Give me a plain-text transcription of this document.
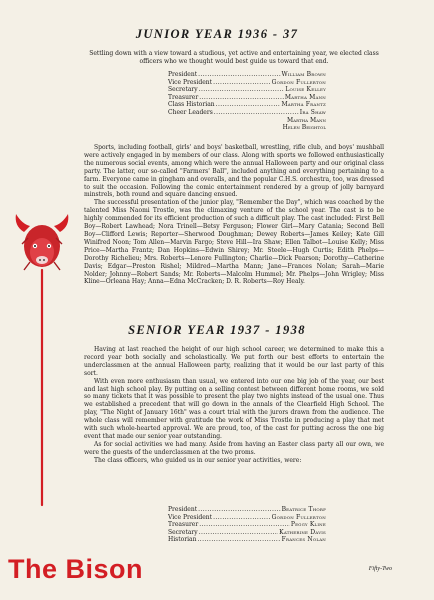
JUNIOR YEAR 1936 - 37

Settling down with a view toward a studious, yet active and entertaining year, we elected class officers who we thought would best guide us toward that end.

President .....	William Brown
Vice President .....	Gordon Fullerton
Secretary .....	Louise Kelley
Treasurer .....	Martha Mann
Class Historian .....	Martha Frantz
Cheer Leaders .....	Ira Shaw
Martha Mann
Helen Beightol

Sports, including football, girls' and boys' basketball, wrestling, rifle club, and boys' mushball were actively engaged in by members of our class. Along with sports we followed enthusiastically the numerous social events, among which were the annual Halloween party and our original class party. The latter, our so-called "Farmers' Ball", included anything and everything pertaining to a farm. Everyone came in gingham and overalls, and the popular C.H.S. orchestra, too, was dressed to suit the occasion. Following the comic entertainment rendered by a group of jolly barnyard minstrels, both round and square dancing ensued.

The successful presentation of the junior play, "Remember the Day", which was coached by the talented Miss Naomi Trostle, was the climaxing venture of the school year. The cast is to be highly commended for its efficient production of such a difficult play. The cast included: First Bell Boy—Robert Lawhead; Nora Trinell—Betsy Ferguson; Flower Girl—Mary Catania; Second Bell Boy—Clifford Lewis; Reporter—Sherwood Doughman; Dewey Roberts—James Keiley; Kate Gill Winifred Noon; Tom Allen—Marvin Fargo; Steve Hill—Ira Shaw; Ellen Talbot—Louise Kelly; Miss Price—Martha Frantz; Dan Hopkins—Edwin Shirey; Mr. Steele—Hugh Curtis; Edith Phelps—Dorothy Richelieu; Mrs. Roberts—Lenore Fullington; Charlie—Dick Pearson; Dorothy—Catherine Davis; Edgar—Preston Rishel; Mildred—Martha Mann; Jane—Frances Nolan; Sarah—Marie Nolder; Johnny—Robert Sands; Mr. Roberts—Malcolm Hummel; Mr. Phelps—John Wrigley; Miss Kline—Orleana Hay; Anna—Edna McCracken; D. R. Roberts—Roy Healy.

SENIOR YEAR 1937 - 1938

Having at last reached the height of our high school career, we determined to make this a record year both socially and scholastically. We put forth our best efforts to entertain the underclassmen at the annual Halloween party, realizing that it would be our last party of this sort.

With even more enthusiasm than usual, we entered into our one big job of the year, our best and last high school play. By putting on a selling contest between different home rooms, we sold so many tickets that it was possible to present the play two nights instead of the usual one. Thus we established a precedent that will go down in the annals of the Clearfield High School. The play, "The Night of January 16th" was a court trial with the jurors drawn from the audience. The whole class will remember with gratitude the work of Miss Trostle in producing a play that met with such whole-hearted approval. We are proud, too, of the cast for putting across the one big event that made our senior year outstanding.

As for social activities we had many. Aside from having an Easter class party all our own, we were the guests of the underclassmen at the two proms.

The class officers, who guided us in our senior year activities, were:

President .....	Beatrice Thorp
Vice President .....	Gordon Fullerton
Treasurer .....	Peggy Kline
Secretary .....	Katherine Davis
Historian .....	Frances Nolan
The Bison	Fifty-Two
